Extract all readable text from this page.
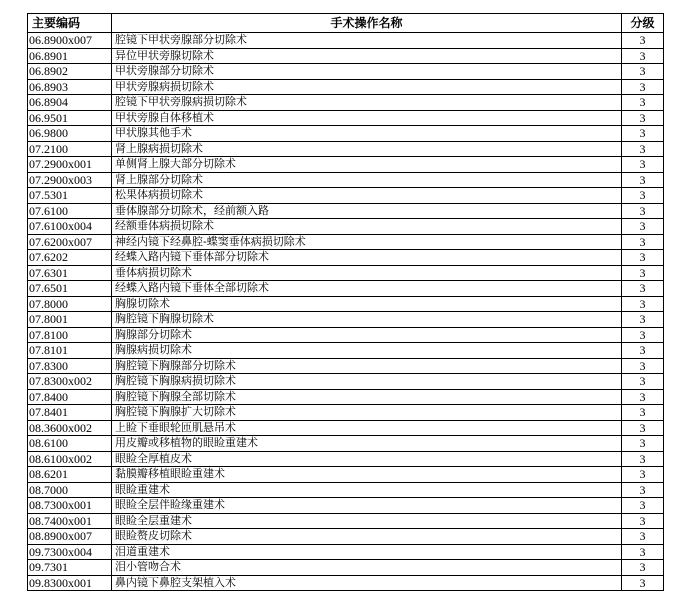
主要编码	手术操作名称	分级
06.8900x007	腔镜下甲状旁腺部分切除术	3
06.8901	异位甲状旁腺切除术	3
06.8902	甲状旁腺部分切除术	3
06.8903	甲状旁腺病损切除术	3
06.8904	腔镜下甲状旁腺病损切除术	3
06.9501	甲状旁腺自体移植术	3
06.9800	甲状腺其他手术	3
07.2100	肾上腺病损切除术	3
07.2900x001	单侧肾上腺大部分切除术	3
07.2900x003	肾上腺部分切除术	3
07.5301	松果体病损切除术	3
07.6100	垂体腺部分切除术，经前额入路	3
07.6100x004	经额垂体病损切除术	3
07.6200x007	神经内镜下经鼻腔-蝶窦垂体病损切除术	3
07.6202	经蝶入路内镜下垂体部分切除术	3
07.6301	垂体病损切除术	3
07.6501	经蝶入路内镜下垂体全部切除术	3
07.8000	胸腺切除术	3
07.8001	胸腔镜下胸腺切除术	3
07.8100	胸腺部分切除术	3
07.8101	胸腺病损切除术	3
07.8300	胸腔镜下胸腺部分切除术	3
07.8300x002	胸腔镜下胸腺病损切除术	3
07.8400	胸腔镜下胸腺全部切除术	3
07.8401	胸腔镜下胸腺扩大切除术	3
08.3600x002	上睑下垂眼轮匝肌悬吊术	3
08.6100	用皮瓣或移植物的眼睑重建术	3
08.6100x002	眼睑全厚植皮术	3
08.6201	黏膜瓣移植眼睑重建术	3
08.7000	眼睑重建术	3
08.7300x001	眼睑全层伴睑缘重建术	3
08.7400x001	眼睑全层重建术	3
08.8900x007	眼睑赘皮切除术	3
09.7300x004	泪道重建术	3
09.7301	泪小管吻合术	3
09.8300x001	鼻内镜下鼻腔支架植入术	3
